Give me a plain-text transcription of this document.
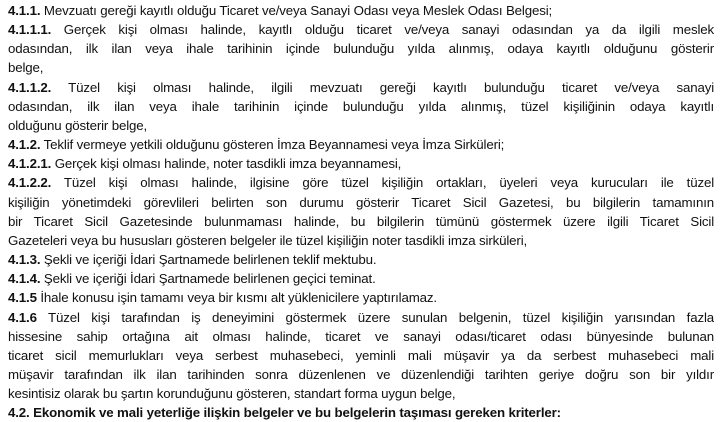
4.1.1. Mevzuatı gereği kayıtlı olduğu Ticaret ve/veya Sanayi Odası veya Meslek Odası Belgesi;
4.1.1.1. Gerçek kişi olması halinde, kayıtlı olduğu ticaret ve/veya sanayi odasından ya da ilgili meslek
odasından, ilk ilan veya ihale tarihinin içinde bulunduğu yılda alınmış, odaya kayıtlı olduğunu gösterir
belge,
4.1.1.2. Tüzel kişi olması halinde, ilgili mevzuatı gereği kayıtlı bulunduğu ticaret ve/veya sanayi
odasından, ilk ilan veya ihale tarihinin içinde bulunduğu yılda alınmış, tüzel kişiliğinin odaya kayıtlı
olduğunu gösterir belge,
4.1.2. Teklif vermeye yetkili olduğunu gösteren İmza Beyannamesi veya İmza Sirküleri;
4.1.2.1. Gerçek kişi olması halinde, noter tasdikli imza beyannamesi,
4.1.2.2. Tüzel kişi olması halinde, ilgisine göre tüzel kişiliğin ortakları, üyeleri veya kurucuları ile tüzel
kişiliğin yönetimdeki görevlileri belirten son durumu gösterir Ticaret Sicil Gazetesi, bu bilgilerin tamamının
bir Ticaret Sicil Gazetesinde bulunmaması halinde, bu bilgilerin tümünü göstermek üzere ilgili Ticaret Sicil
Gazeteleri veya bu hususları gösteren belgeler ile tüzel kişiliğin noter tasdikli imza sirküleri,
4.1.3. Şekli ve içeriği İdari Şartnamede belirlenen teklif mektubu.
4.1.4. Şekli ve içeriği İdari Şartnamede belirlenen geçici teminat.
4.1.5 İhale konusu işin tamamı veya bir kısmı alt yüklenicilere yaptırılamaz.
4.1.6 Tüzel kişi tarafından iş deneyimini göstermek üzere sunulan belgenin, tüzel kişiliğin yarısından fazla
hissesine sahip ortağına ait olması halinde, ticaret ve sanayi odası/ticaret odası bünyesinde bulunan
ticaret sicil memurlukları veya serbest muhasebeci, yeminli mali müşavir ya da serbest muhasebeci mali
müşavir tarafından ilk ilan tarihinden sonra düzenlenen ve düzenlendiği tarihten geriye doğru son bir yıldır
kesintisiz olarak bu şartın korunduğunu gösteren, standart forma uygun belge,
4.2. Ekonomik ve mali yeterliğe ilişkin belgeler ve bu belgelerin taşıması gereken kriterler:
